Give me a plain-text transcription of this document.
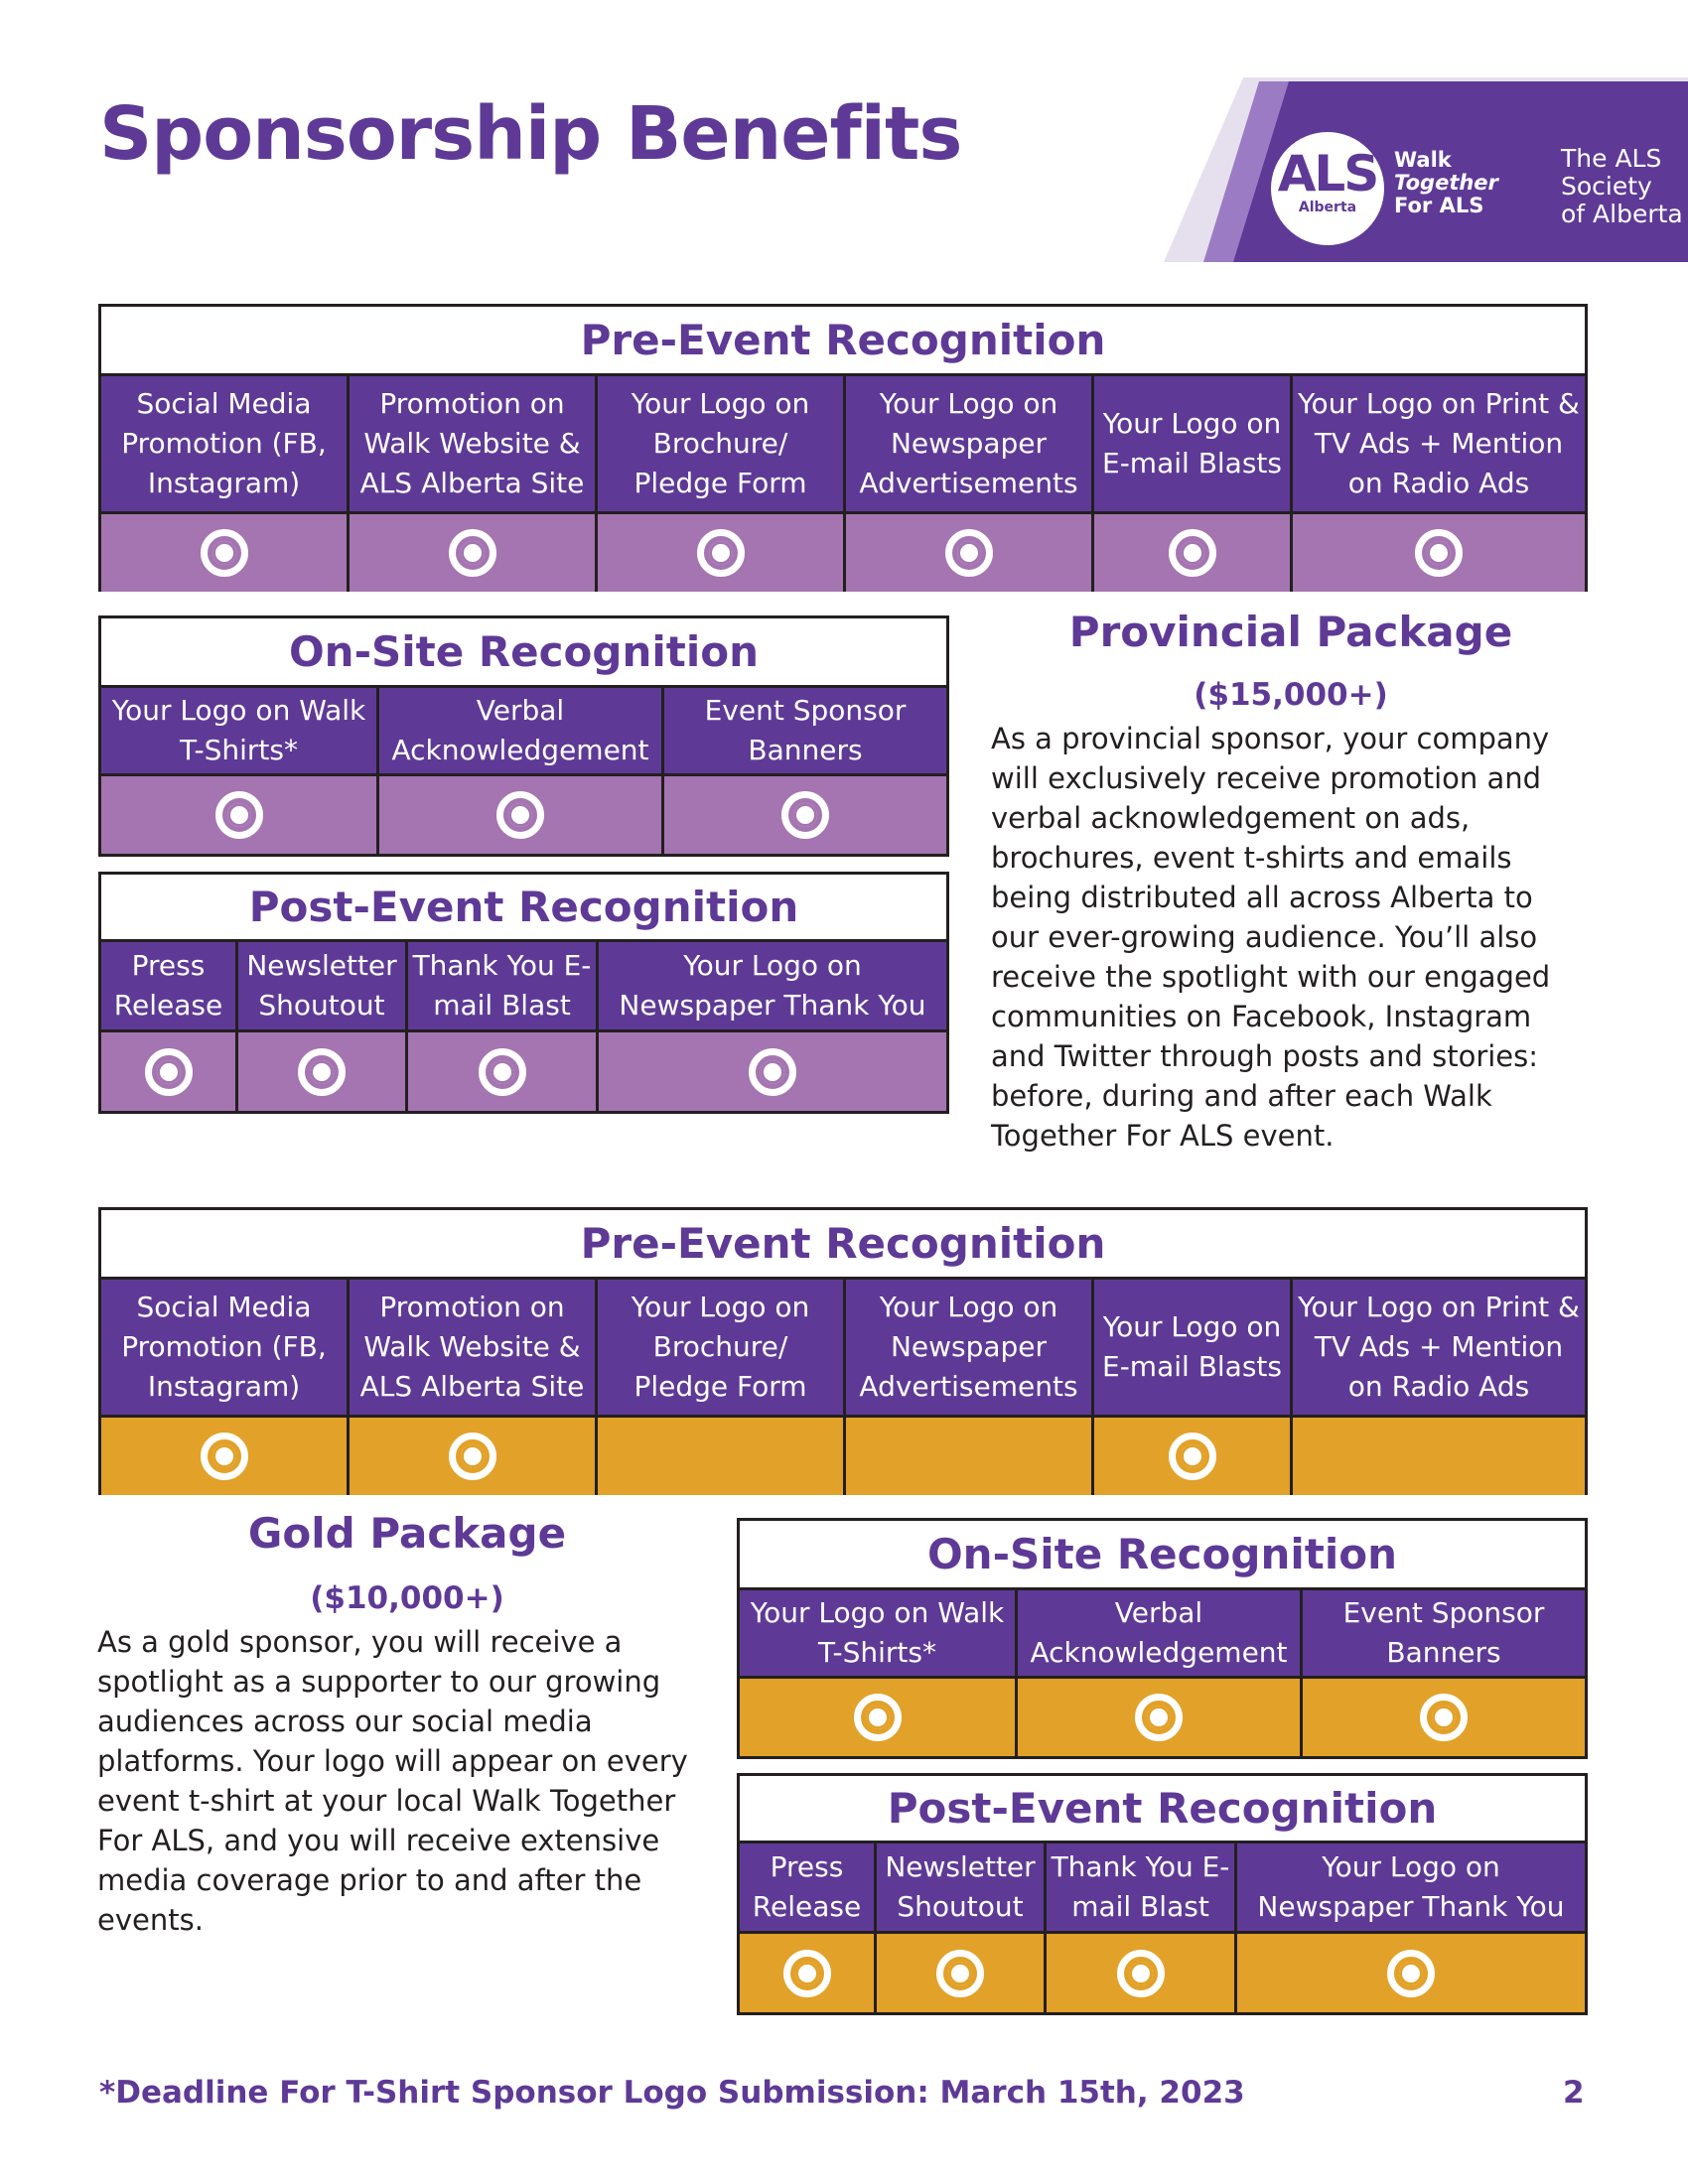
Sponsorship Benefits	ALS
Alberta
Walk
Together
For ALS
The ALS
Society
of Alberta
Pre-Event Recognition
Social Media Promotion (FB, Instagram)
Promotion on Walk Website & ALS Alberta Site
Your Logo on Brochure/ Pledge Form
Your Logo on Newspaper Advertisements
Your Logo on E-mail Blasts
Your Logo on Print & TV Ads + Mention on Radio Ads
On-Site Recognition
Your Logo on Walk T-Shirts*
Verbal Acknowledgement
Event Sponsor Banners
Post-Event Recognition
Press Release
Newsletter Shoutout
Thank You E-mail Blast
Your Logo on Newspaper Thank You
Provincial Package
($15,000+)

As a provincial sponsor, your company will exclusively receive promotion and verbal acknowledgement on ads, brochures, event t-shirts and emails being distributed all across Alberta to our ever-growing audience. You’ll also receive the spotlight with our engaged communities on Facebook, Instagram and Twitter through posts and stories: before, during and after each Walk Together For ALS event.

Pre-Event Recognition
Social Media Promotion (FB, Instagram)
Promotion on Walk Website & ALS Alberta Site
Your Logo on Brochure/ Pledge Form
Your Logo on Newspaper Advertisements
Your Logo on E-mail Blasts
Your Logo on Print & TV Ads + Mention on Radio Ads
Gold Package
($10,000+)

As a gold sponsor, you will receive a spotlight as a supporter to our growing audiences across our social media platforms. Your logo will appear on every event t-shirt at your local Walk Together For ALS, and you will receive extensive media coverage prior to and after the events.

On-Site Recognition
Your Logo on Walk T-Shirts*
Verbal Acknowledgement
Event Sponsor Banners
Post-Event Recognition
Press Release
Newsletter Shoutout
Thank You E-mail Blast
Your Logo on Newspaper Thank You
*Deadline For T-Shirt Sponsor Logo Submission: March 15th, 2023	2
